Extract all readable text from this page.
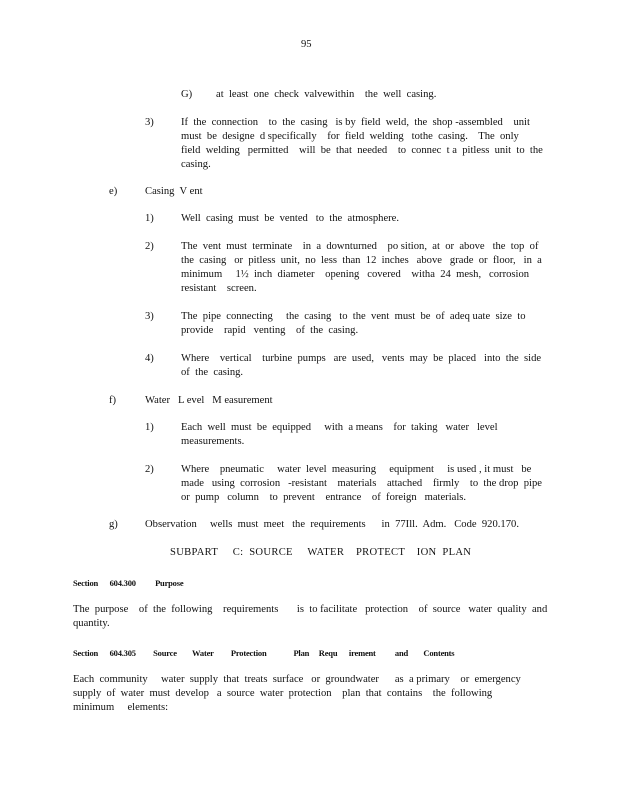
95
G)	at  least  one  check  valvewithin    the  well  casing.
3)	If  the  connection    to  the  casing   is by  field  weld,  the  shop -assembled    unit
must  be  designe  d specifically    for  field  welding   tothe  casing.    The  only
field  welding   permitted    will  be  that  needed    to  connec  t a  pitless  unit  to  the
casing.
e)	Casing  V ent
1)	Well  casing  must  be  vented   to  the  atmosphere.
2)	The  vent  must  terminate    in  a  downturned    po sition,  at  or  above   the  top  of
the  casing   or  pitless  unit,  no  less  than  12  inches   above   grade  or  floor,   in  a
minimum     1½  inch  diameter    opening   covered    witha  24  mesh,   corrosion
resistant    screen.
3)	The  pipe  connecting     the  casing   to  the  vent  must  be  of  adeq uate  size  to
provide    rapid   venting    of  the  casing.
4)	Where    vertical    turbine  pumps   are  used,   vents  may  be  placed   into  the  side
of  the  casing.
f)	Water   L evel   M easurement
1)	Each  well  must  be  equipped     with  a means    for  taking   water   level
measurements.
2)	Where    pneumatic     water  level  measuring     equipment     is used , it must   be
made   using  corrosion   -resistant    materials    attached    firmly    to  the drop  pipe
or  pump   column    to  prevent    entrance    of  foreign   materials.
g)	Observation     wells  must  meet   the  requirements      in  77Ill.  Adm.   Code  920.170.
SUBPART     C:  SOURCE     WATER    PROTECT    ION  PLAN
Section      604.300          Purpose
The  purpose    of  the  following    requirements       is  to facilitate   protection    of  source   water  quality  and
quantity.
Section      604.305         Source        Water         Protection              Plan     Requ      irement          and        Contents
Each  community     water  supply  that  treats  surface   or  groundwater      as  a primary    or  emergency
supply  of  water  must  develop   a  source  water  protection    plan  that  contains    the  following
minimum     elements:
